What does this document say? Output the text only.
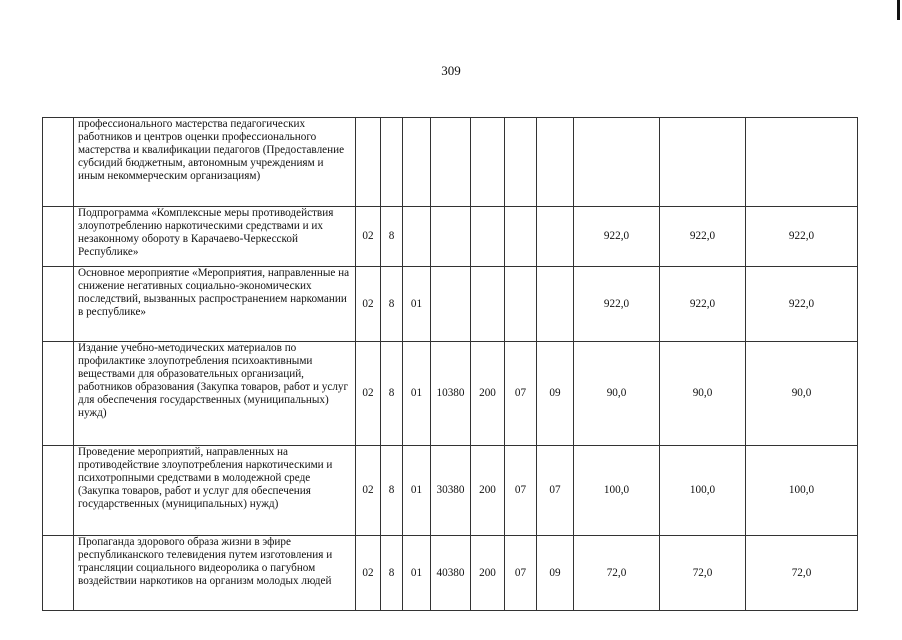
309
	профессионального мастерства педагогических работников и центров оценки профессионального мастерства и квалификации педагогов (Предоставление субсидий бюджетным, автономным учреждениям и иным некоммерческим организациям)										
	Подпрограмма «Комплексные меры противодействия злоупотреблению наркотическими средствами и их незаконному обороту в Карачаево-Черкесской Республике»	02	8						922,0	922,0	922,0
	Основное мероприятие «Мероприятия, направленные на снижение негативных социально-экономических последствий, вызванных распространением наркомании в республике»	02	8	01					922,0	922,0	922,0
	Издание учебно-методических материалов по профилактике злоупотребления психоактивными веществами для образовательных организаций, работников образования (Закупка товаров, работ и услуг для обеспечения государственных (муниципальных) нужд)	02	8	01	10380	200	07	09	90,0	90,0	90,0
	Проведение мероприятий, направленных на противодействие злоупотребления наркотическими и психотропными средствами в молодежной среде (Закупка товаров, работ и услуг для обеспечения государственных (муниципальных) нужд)	02	8	01	30380	200	07	07	100,0	100,0	100,0
	Пропаганда здорового образа жизни в эфире республиканского телевидения путем изготовления и трансляции социального видеоролика о пагубном воздействии наркотиков на организм молодых людей	02	8	01	40380	200	07	09	72,0	72,0	72,0
